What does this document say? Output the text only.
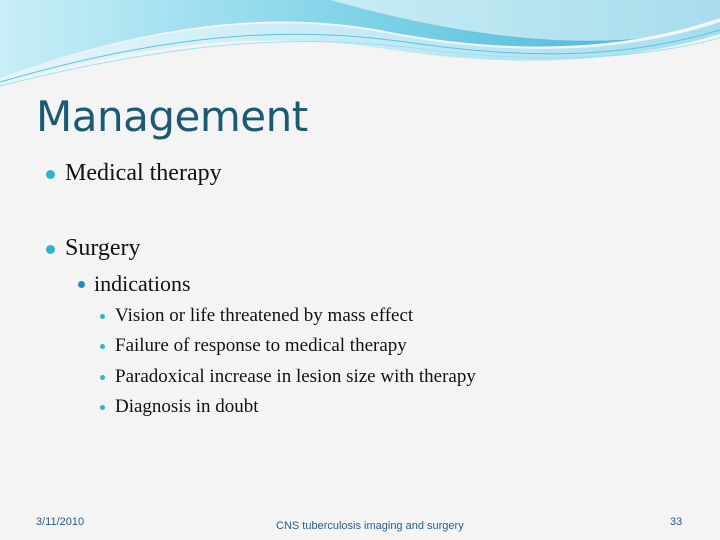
Management
Medical therapy
Surgery
indications
Vision or life threatened by mass effect
Failure of response to medical therapy
Paradoxical increase in lesion size with therapy
Diagnosis in doubt
3/11/2010	CNS tuberculosis imaging and surgery	33
